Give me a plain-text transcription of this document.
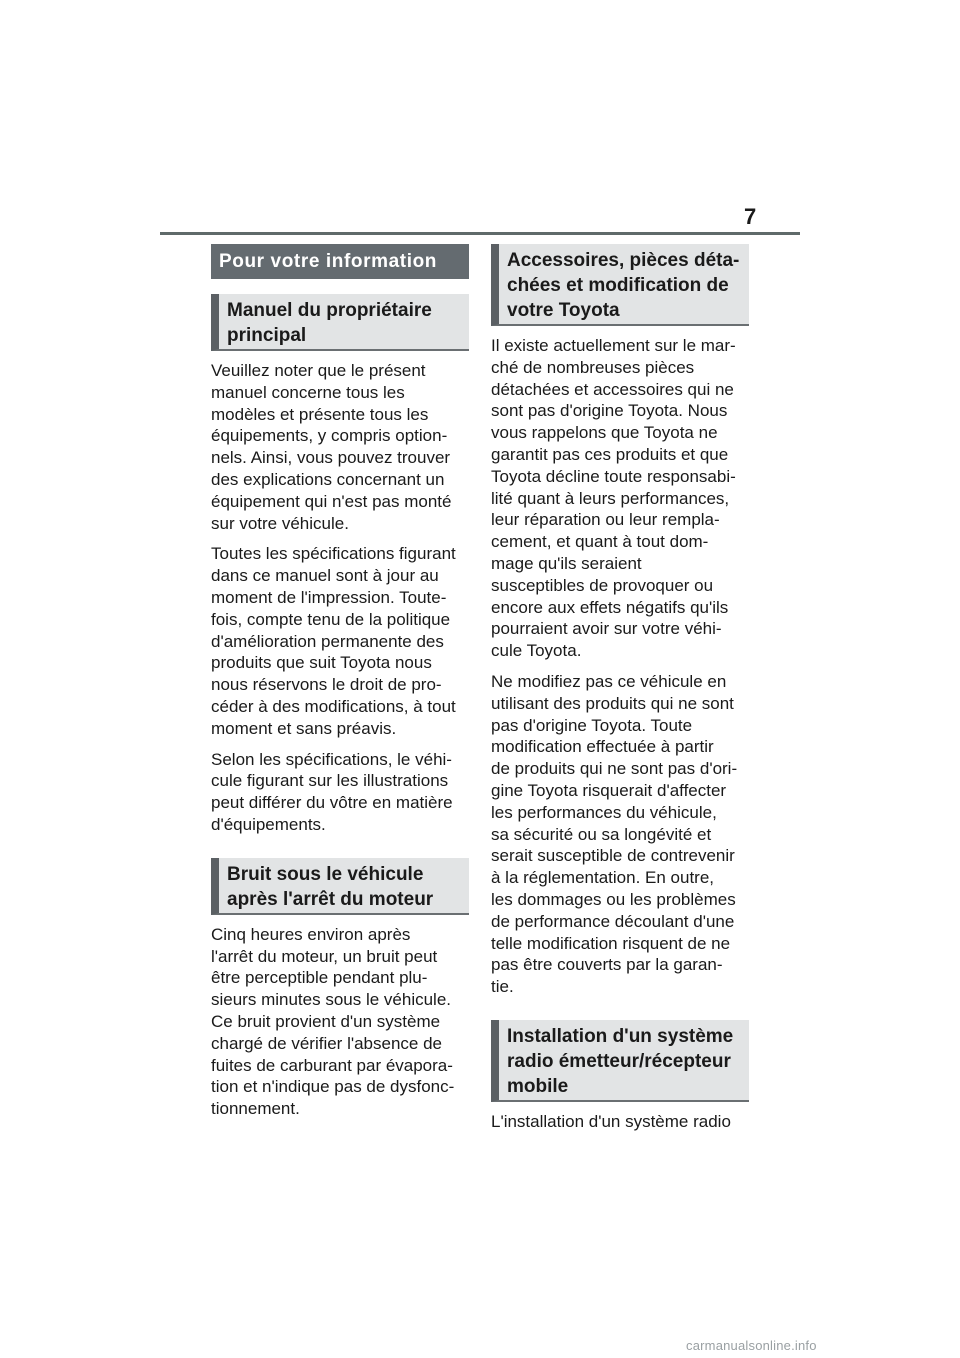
7
Pour votre information
Manuel du propriétaire
principal

Veuillez noter que le présent
manuel concerne tous les
modèles et présente tous les
équipements, y compris option-
nels. Ainsi, vous pouvez trouver
des explications concernant un
équipement qui n'est pas monté
sur votre véhicule.

Toutes les spécifications figurant
dans ce manuel sont à jour au
moment de l'impression. Toute-
fois, compte tenu de la politique
d'amélioration permanente des
produits que suit Toyota nous
nous réservons le droit de pro-
céder à des modifications, à tout
moment et sans préavis.

Selon les spécifications, le véhi-
cule figurant sur les illustrations
peut différer du vôtre en matière
d'équipements.

Bruit sous le véhicule
après l'arrêt du moteur

Cinq heures environ après
l'arrêt du moteur, un bruit peut
être perceptible pendant plu-
sieurs minutes sous le véhicule.
Ce bruit provient d'un système
chargé de vérifier l'absence de
fuites de carburant par évapora-
tion et n'indique pas de dysfonc-
tionnement.

Accessoires, pièces déta-
chées et modification de
votre Toyota

Il existe actuellement sur le mar-
ché de nombreuses pièces
détachées et accessoires qui ne
sont pas d'origine Toyota. Nous
vous rappelons que Toyota ne
garantit pas ces produits et que
Toyota décline toute responsabi-
lité quant à leurs performances,
leur réparation ou leur rempla-
cement, et quant à tout dom-
mage qu'ils seraient
susceptibles de provoquer ou
encore aux effets négatifs qu'ils
pourraient avoir sur votre véhi-
cule Toyota.

Ne modifiez pas ce véhicule en
utilisant des produits qui ne sont
pas d'origine Toyota. Toute
modification effectuée à partir
de produits qui ne sont pas d'ori-
gine Toyota risquerait d'affecter
les performances du véhicule,
sa sécurité ou sa longévité et
serait susceptible de contrevenir
à la réglementation. En outre,
les dommages ou les problèmes
de performance découlant d'une
telle modification risquent de ne
pas être couverts par la garan-
tie.

Installation d'un système
radio émetteur/récepteur
mobile

L'installation d'un système radio

carmanualsonline.info
